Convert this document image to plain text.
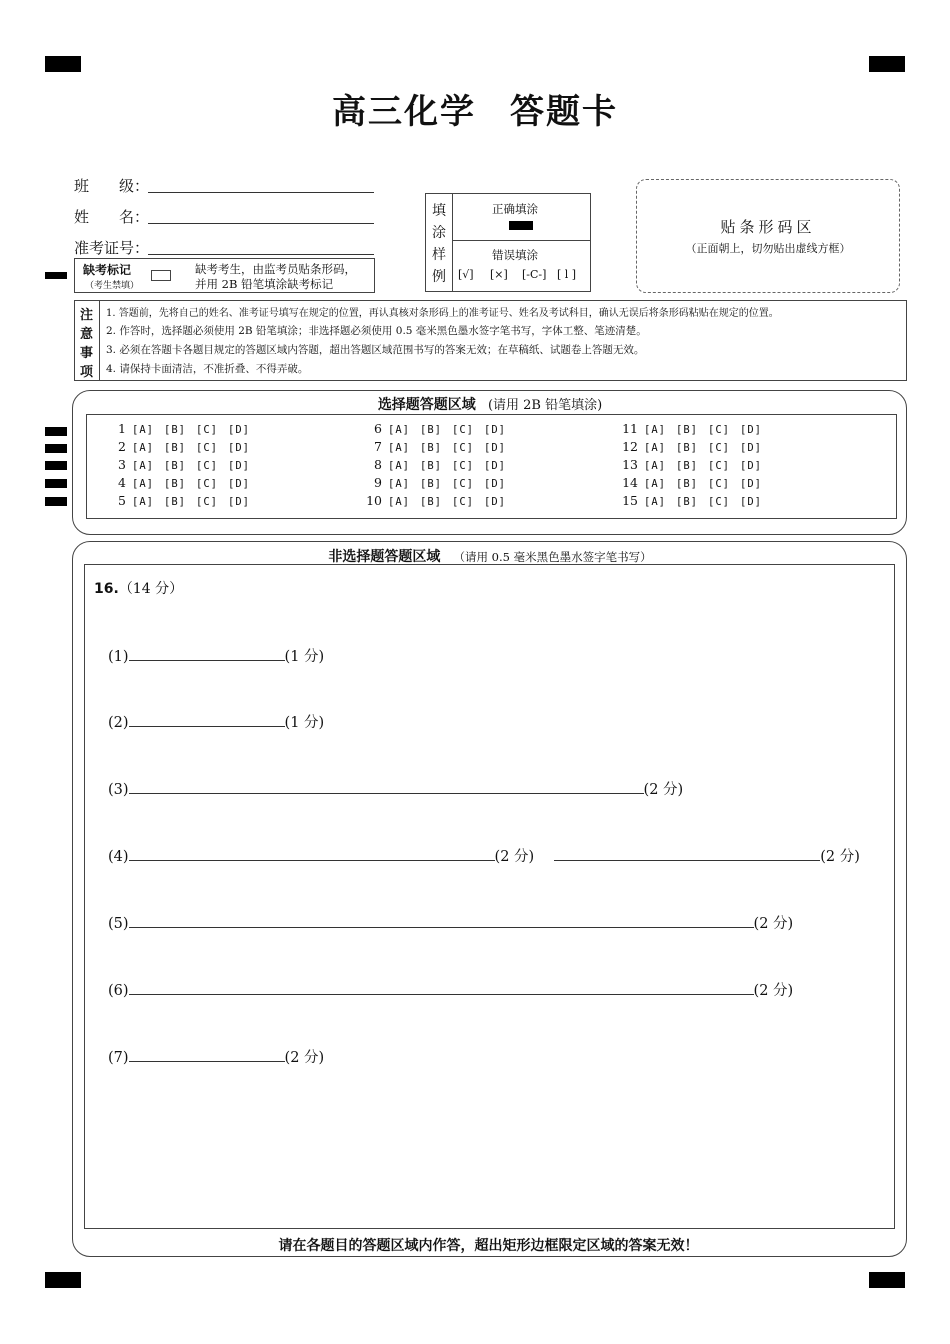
高三化学 答题卡
班　　级：
姓　　名：
准考证号：
缺考标记
（考生禁填）
缺考考生，由监考员贴条形码，
并用 2B 铅笔填涂缺考标记
填
涂
样
例
正确填涂
错误填涂
[√] [×] [-C-] [ l ]
贴条形码区
（正面朝上，切勿贴出虚线方框）
注
意
事
项
1. 答题前，先将自己的姓名、准考证号填写在规定的位置，再认真核对条形码上的准考证号、姓名及考试科目，确认无误后将条形码粘贴在规定的位置。
2. 作答时，选择题必须使用 2B 铅笔填涂；非选择题必须使用 0.5 毫米黑色墨水签字笔书写，字体工整、笔迹清楚。
3. 必须在答题卡各题目规定的答题区域内答题，超出答题区域范围书写的答案无效；在草稿纸、试题卷上答题无效。
4. 请保持卡面清洁，不准折叠、不得弄破。
选择题答题区域 (请用 2B 铅笔填涂)
1 [A] [B] [C] [D]
2 [A] [B] [C] [D]
3 [A] [B] [C] [D]
4 [A] [B] [C] [D]
5 [A] [B] [C] [D]
6 [A] [B] [C] [D]
7 [A] [B] [C] [D]
8 [A] [B] [C] [D]
9 [A] [B] [C] [D]
10 [A] [B] [C] [D]
11 [A] [B] [C] [D]
12 [A] [B] [C] [D]
13 [A] [B] [C] [D]
14 [A] [B] [C] [D]
15 [A] [B] [C] [D]
非选择题答题区域 （请用 0.5 毫米黑色墨水签字笔书写）
16.（14 分）
(1)	(1 分)
(2)	(1 分)
(3)	(2 分)
(4)	(2 分)	(2 分)
(5)	(2 分)
(6)	(2 分)
(7)	(2 分)
请在各题目的答题区域内作答，超出矩形边框限定区域的答案无效！
